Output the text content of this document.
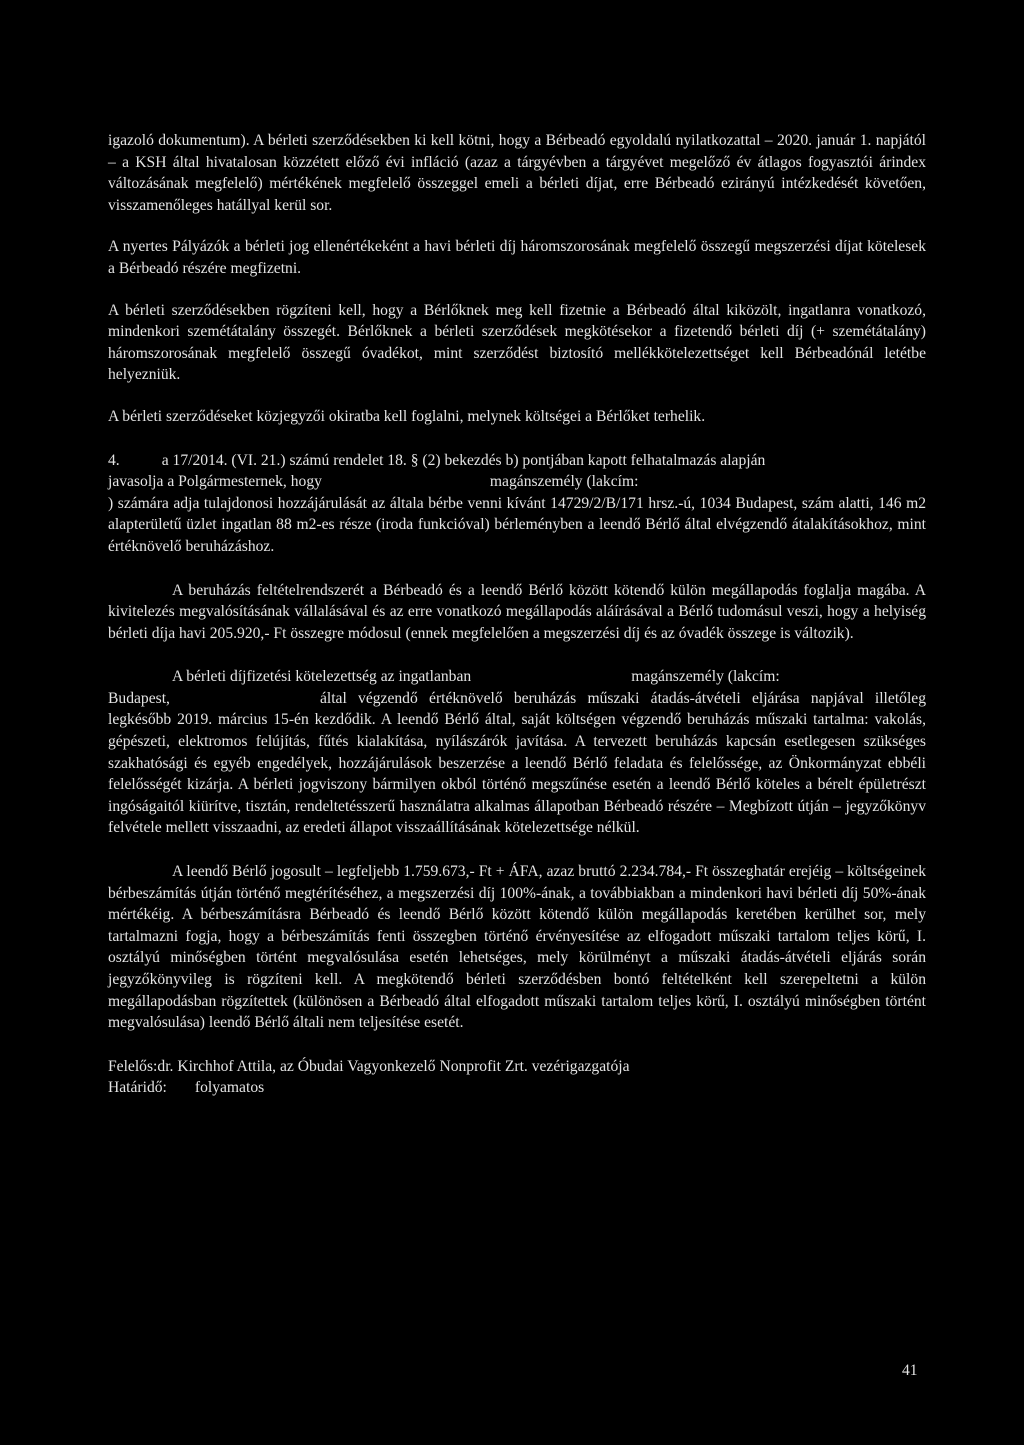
igazoló dokumentum). A bérleti szerződésekben ki kell kötni, hogy a Bérbeadó egyoldalú nyilatkozattal – 2020. január 1. napjától – a KSH által hivatalosan közzétett előző évi infláció (azaz a tárgyévben a tárgyévet megelőző év átlagos fogyasztói árindex változásának megfelelő) mértékének megfelelő összeggel emeli a bérleti díjat, erre Bérbeadó ezirányú intézkedését követően, visszamenőleges hatállyal kerül sor.

A nyertes Pályázók a bérleti jog ellenértékeként a havi bérleti díj háromszorosának megfelelő összegű megszerzési díjat kötelesek a Bérbeadó részére megfizetni.

A bérleti szerződésekben rögzíteni kell, hogy a Bérlőknek meg kell fizetnie a Bérbeadó által kiközölt, ingatlanra vonatkozó, mindenkori szemétátalány összegét. Bérlőknek a bérleti szerződések megkötésekor a fizetendő bérleti díj (+ szemétátalány) háromszorosának megfelelő összegű óvadékot, mint szerződést biztosító mellékkötelezettséget kell Bérbeadónál letétbe helyezniük.

A bérleti szerződéseket közjegyzői okiratba kell foglalni, melynek költségei a Bérlőket terhelik.

4.	a 17/2014. (VI. 21.) számú rendelet 18. § (2) bekezdés b) pontjában kapott felhatalmazás alapján

javasolja a Polgármesternek, hogy	magánszemély (lakcím:

) számára adja tulajdonosi hozzájárulását az általa bérbe venni kívánt 14729/2/B/171 hrsz.-ú, 1034 Budapest, szám alatti, 146 m2 alapterületű üzlet ingatlan 88 m2-es része (iroda funkcióval) bérleményben a leendő Bérlő által elvégzendő átalakításokhoz, mint értéknövelő beruházáshoz.

A beruházás feltételrendszerét a Bérbeadó és a leendő Bérlő között kötendő külön megállapodás foglalja magába. A kivitelezés megvalósításának vállalásával és az erre vonatkozó megállapodás aláírásával a Bérlő tudomásul veszi, hogy a helyiség bérleti díja havi 205.920,- Ft összegre módosul (ennek megfelelően a megszerzési díj és az óvadék összege is változik).

A bérleti díjfizetési kötelezettség az ingatlanban	magánszemély (lakcím:

Budapest,	által végzendő értéknövelő beruházás műszaki átadás-átvételi eljárása napjával illetőleg legkésőbb 2019. március 15-én kezdődik. A leendő Bérlő által, saját költségen végzendő beruházás műszaki tartalma: vakolás, gépészeti, elektromos felújítás, fűtés kialakítása, nyílászárók javítása. A tervezett beruházás kapcsán esetlegesen szükséges szakhatósági és egyéb engedélyek, hozzájárulások beszerzése a leendő Bérlő feladata és felelőssége, az Önkormányzat ebbéli felelősségét kizárja. A bérleti jogviszony bármilyen okból történő megszűnése esetén a leendő Bérlő köteles a bérelt épületrészt ingóságaitól kiürítve, tisztán, rendeltetésszerű használatra alkalmas állapotban Bérbeadó részére – Megbízott útján – jegyzőkönyv felvétele mellett visszaadni, az eredeti állapot visszaállításának kötelezettsége nélkül.

A leendő Bérlő jogosult – legfeljebb 1.759.673,- Ft + ÁFA, azaz bruttó 2.234.784,- Ft összeghatár erejéig – költségeinek bérbeszámítás útján történő megtérítéséhez, a megszerzési díj 100%-ának, a továbbiakban a mindenkori havi bérleti díj 50%-ának mértékéig. A bérbeszámításra Bérbeadó és leendő Bérlő között kötendő külön megállapodás keretében kerülhet sor, mely tartalmazni fogja, hogy a bérbeszámítás fenti összegben történő érvényesítése az elfogadott műszaki tartalom teljes körű, I. osztályú minőségben történt megvalósulása esetén lehetséges, mely körülményt a műszaki átadás-átvételi eljárás során jegyzőkönyvileg is rögzíteni kell. A megkötendő bérleti szerződésben bontó feltételként kell szerepeltetni a külön megállapodásban rögzítettek (különösen a Bérbeadó által elfogadott műszaki tartalom teljes körű, I. osztályú minőségben történt megvalósulása) leendő Bérlő általi nem teljesítése esetét.

Felelős:dr. Kirchhof Attila, az Óbudai Vagyonkezelő Nonprofit Zrt. vezérigazgatója

Határidő: folyamatos

41
